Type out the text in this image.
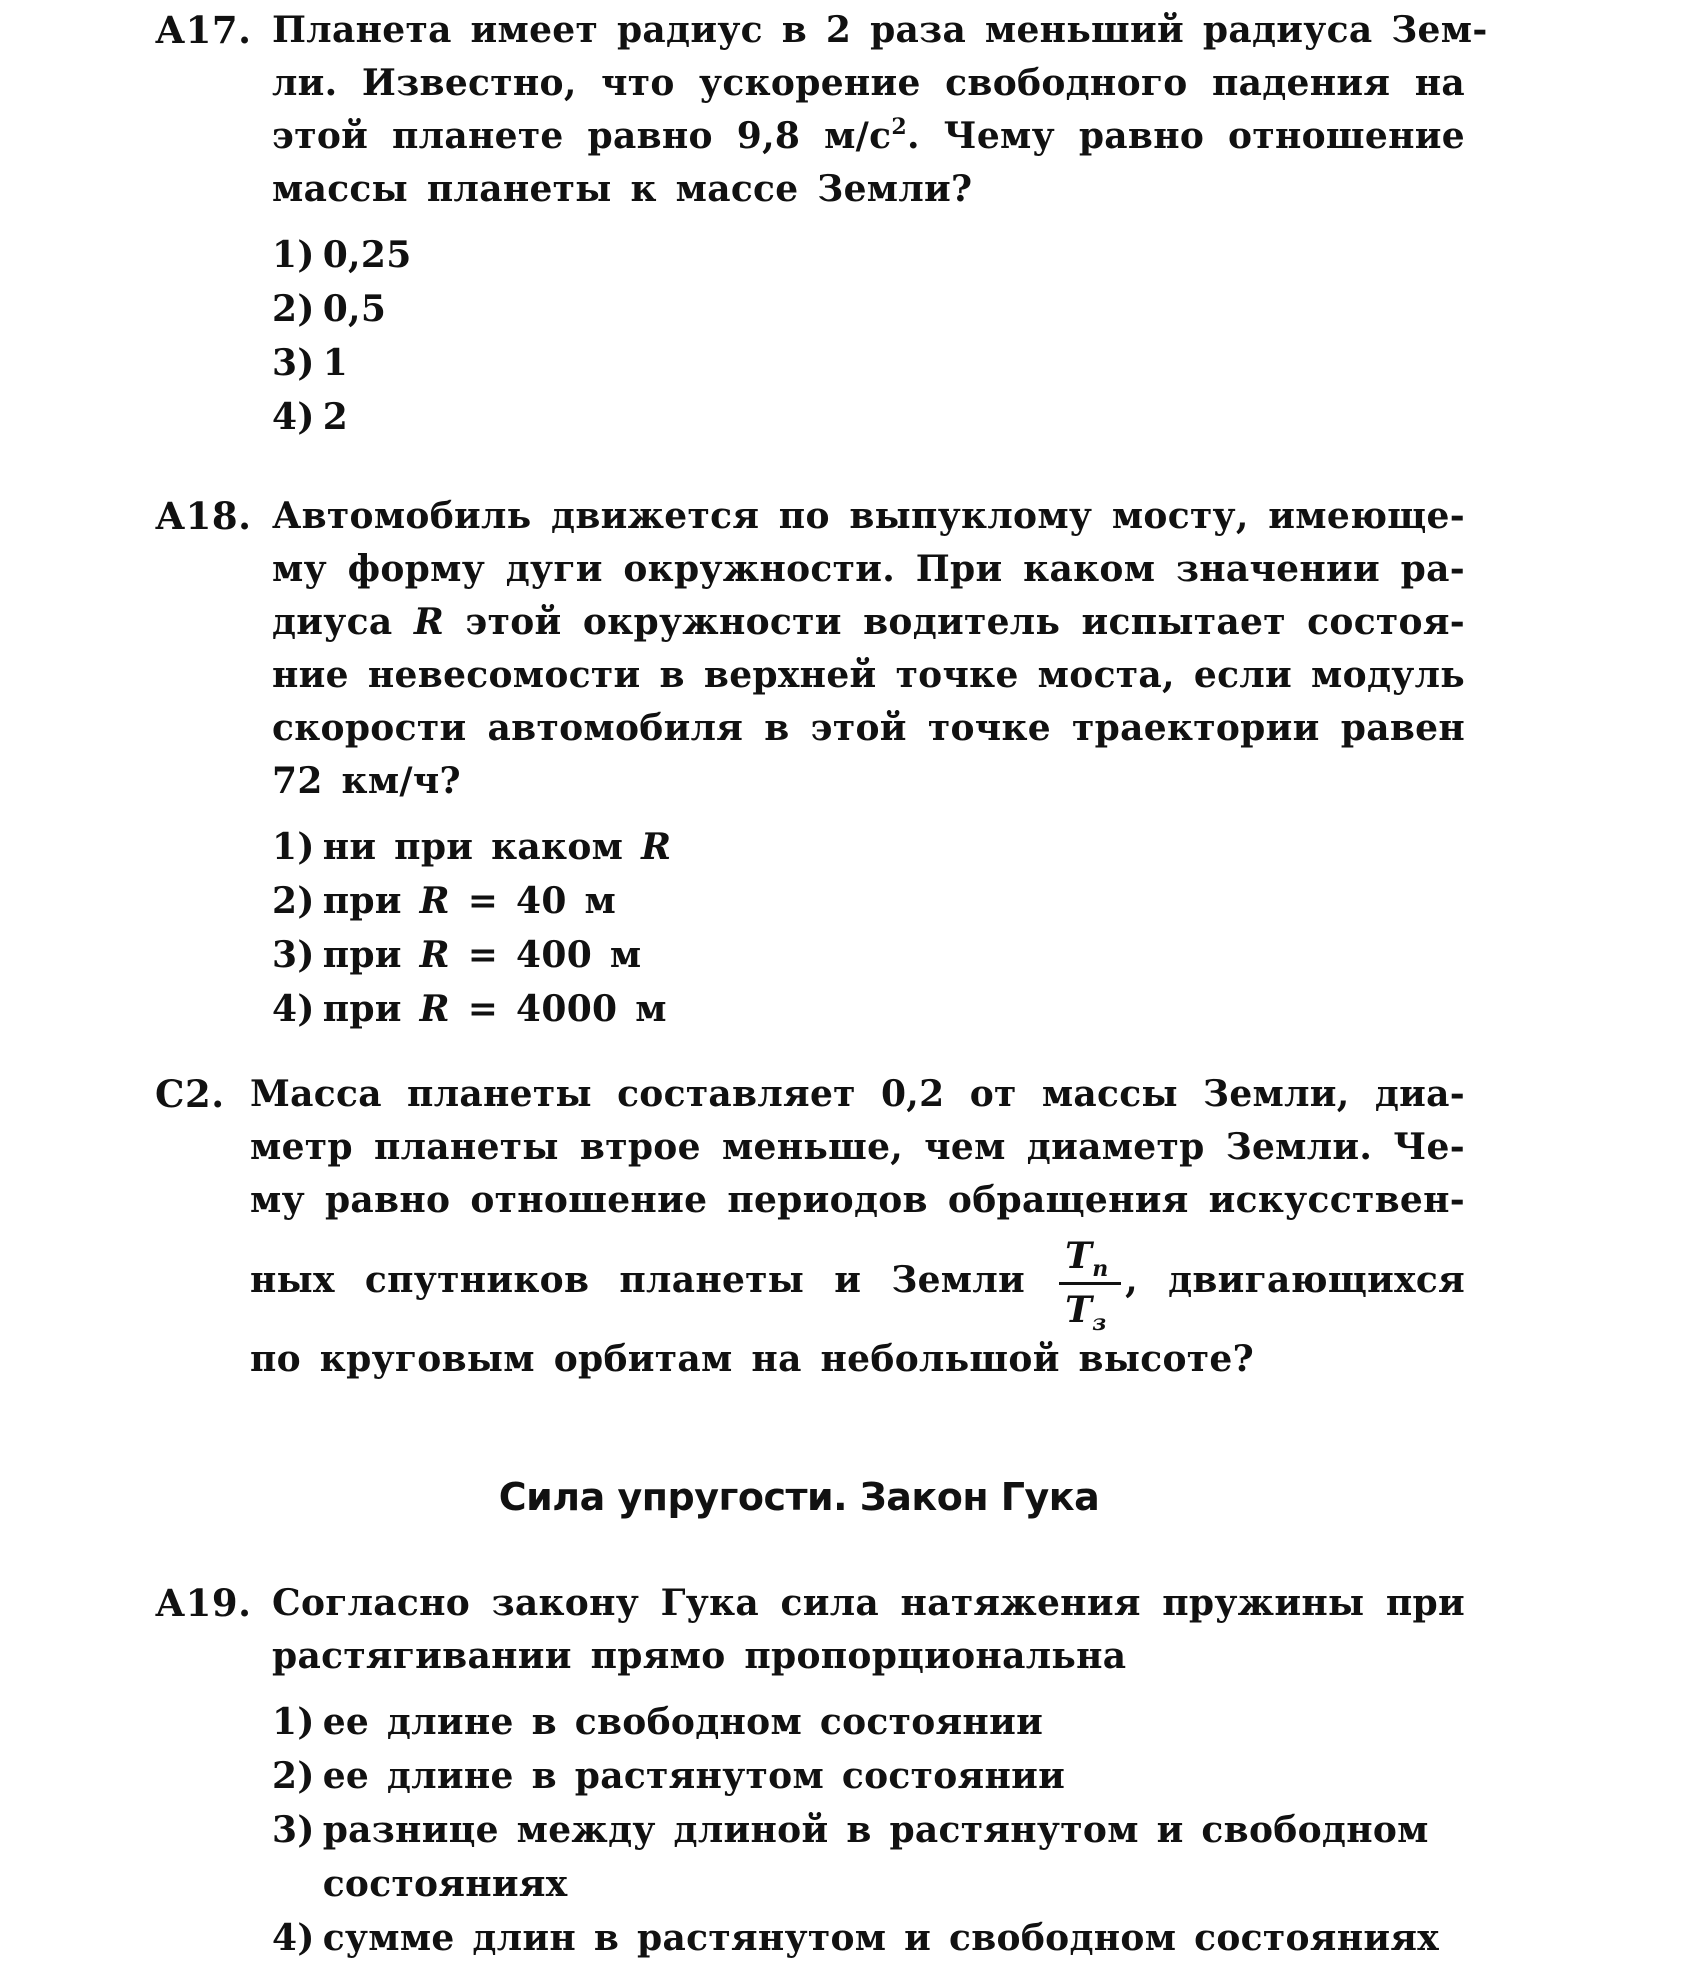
А17. Планета имеет радиус в 2 раза меньший радиуса Зем-
ли. Известно, что ускорение свободного падения на
этой планете равно 9,8 $м/с^2$. Чему равно отношение
массы планеты к массе Земли?

1) 0,25
2) 0,5
3) 1
4) 2
А18. Автомобиль движется по выпуклому мосту, имеюще-
му форму дуги окружности. При каком значении ра-
диуса R этой окружности водитель испытает состоя-
ние невесомости в верхней точке моста, если модуль
скорости автомобиля в этой точке траектории равен
72 км/ч?

1) ни при каком R
2) при R = 40 м
3) при R = 400 м
4) при R = 4000 м
С2. Масса планеты составляет 0,2 от массы Земли, диа-
метр планеты втрое меньше, чем диаметр Земли. Че-
му равно отношение периодов обращения искусствен-
ных спутников планеты и Земли $\frac{T_п}{T_з}$ , двигающихся
по круговым орбитам на небольшой высоте?

Сила упругости. Закон Гука
А19. Согласно закону Гука сила натяжения пружины при
растягивании прямо пропорциональна

1) ее длине в свободном состоянии
2) ее длине в растянутом состоянии
3) разнице между длиной в растянутом и свободном
состояниях
4) сумме длин в растянутом и свободном состояниях
